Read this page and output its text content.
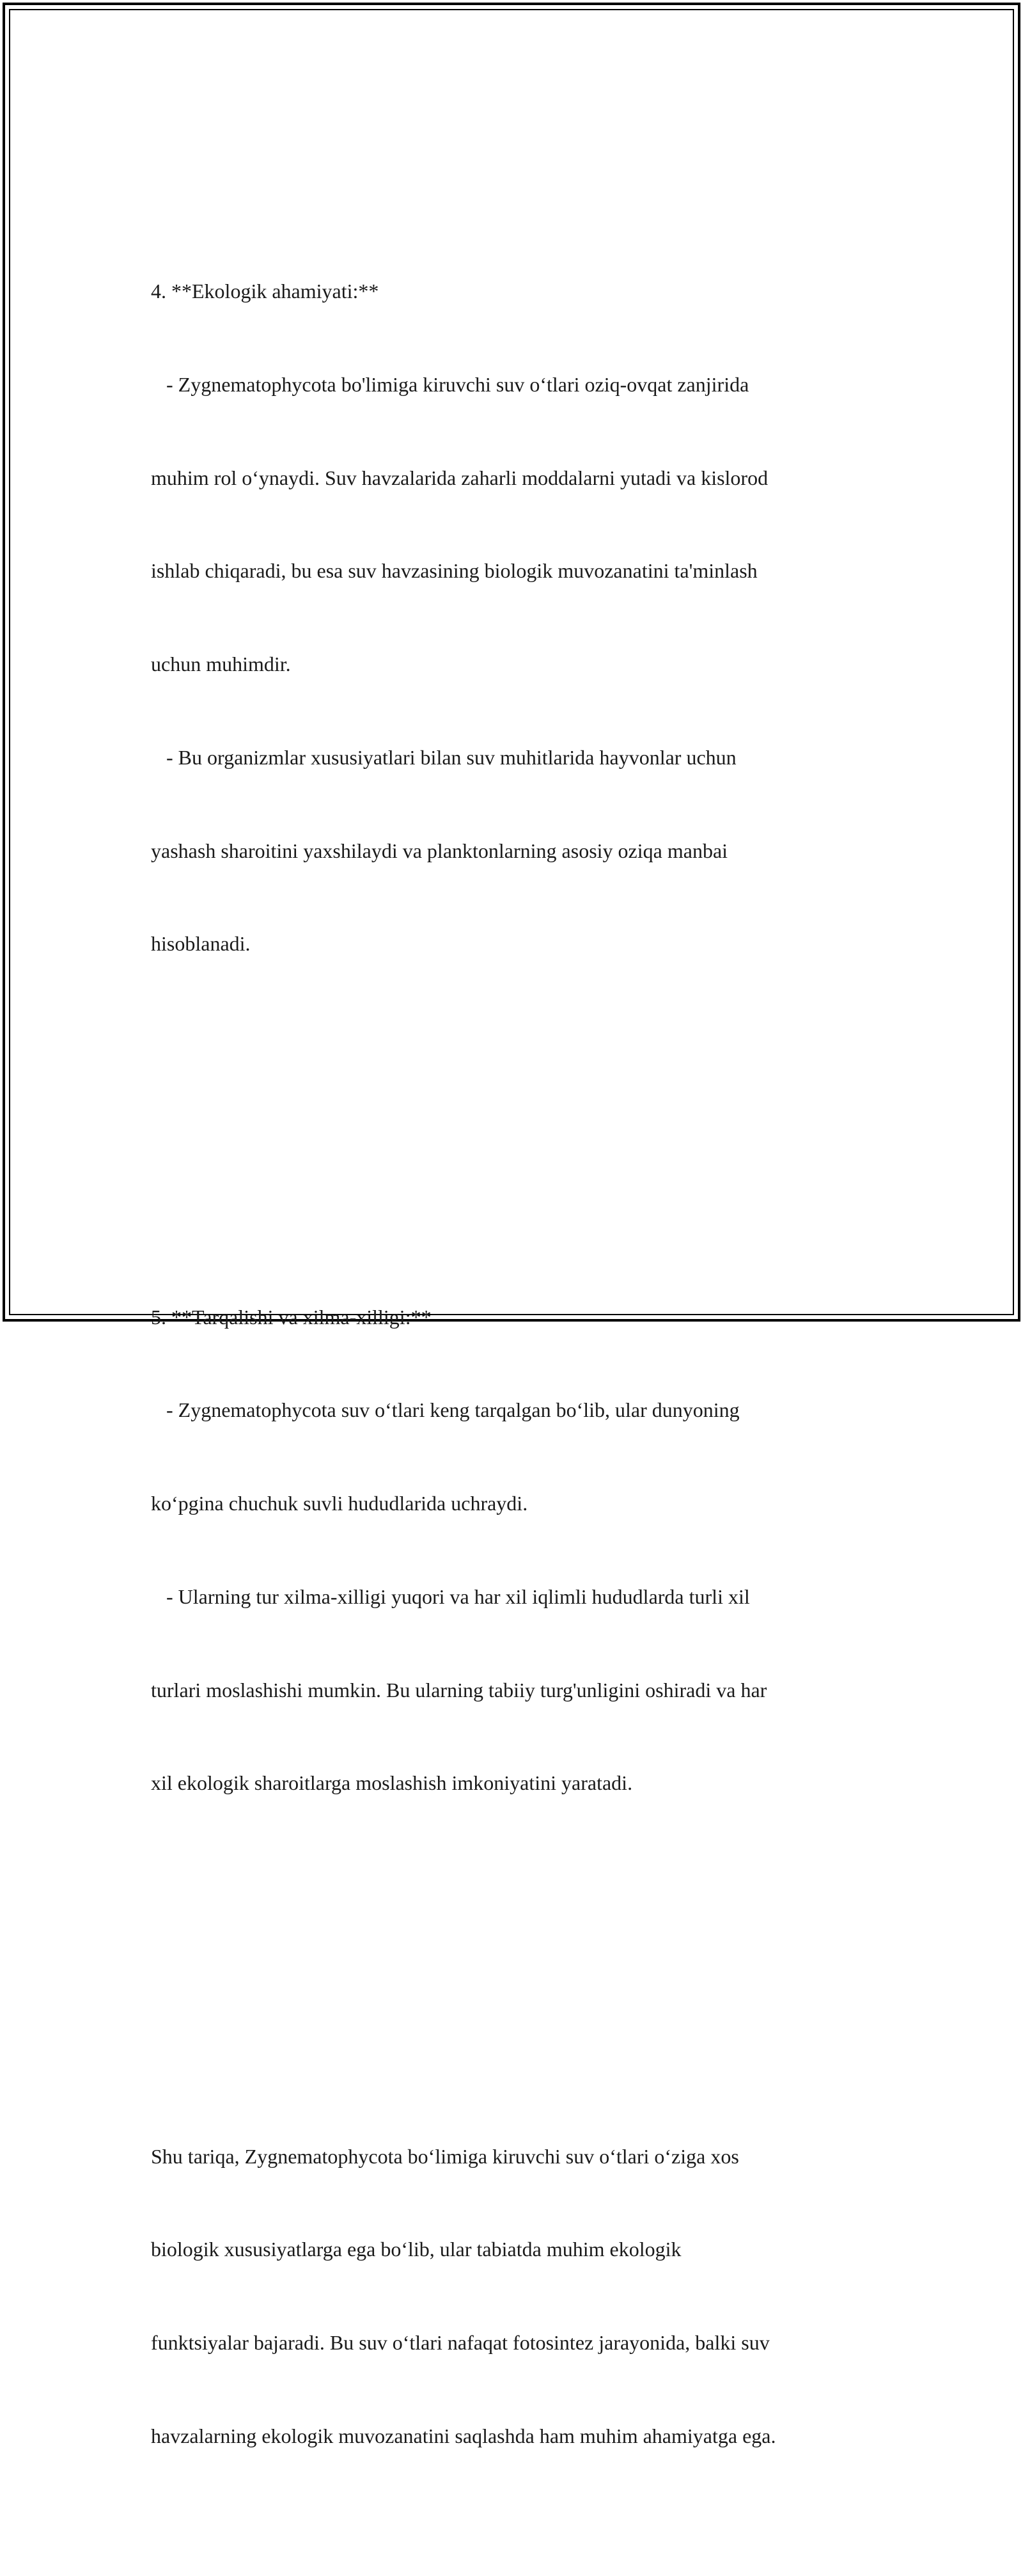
4. **Ekologik ahamiyati:**

- Zygnematophycota bo'limiga kiruvchi suv o‘tlari oziq-ovqat zanjirida

muhim rol o‘ynaydi. Suv havzalarida zaharli moddalarni yutadi va kislorod

ishlab chiqaradi, bu esa suv havzasining biologik muvozanatini ta'minlash

uchun muhimdir.

- Bu organizmlar xususiyatlari bilan suv muhitlarida hayvonlar uchun

yashash sharoitini yaxshilaydi va planktonlarning asosiy oziqa manbai

hisoblanadi.

5. **Tarqalishi va xilma-xilligi:**

- Zygnematophycota suv o‘tlari keng tarqalgan bo‘lib, ular dunyoning

ko‘pgina chuchuk suvli hududlarida uchraydi.

- Ularning tur xilma-xilligi yuqori va har xil iqlimli hududlarda turli xil

turlari moslashishi mumkin. Bu ularning tabiiy turg'unligini oshiradi va har

xil ekologik sharoitlarga moslashish imkoniyatini yaratadi.

Shu tariqa, Zygnematophycota bo‘limiga kiruvchi suv o‘tlari o‘ziga xos

biologik xususiyatlarga ega bo‘lib, ular tabiatda muhim ekologik

funktsiyalar bajaradi. Bu suv o‘tlari nafaqat fotosintez jarayonida, balki suv

havzalarning ekologik muvozanatini saqlashda ham muhim ahamiyatga ega.
